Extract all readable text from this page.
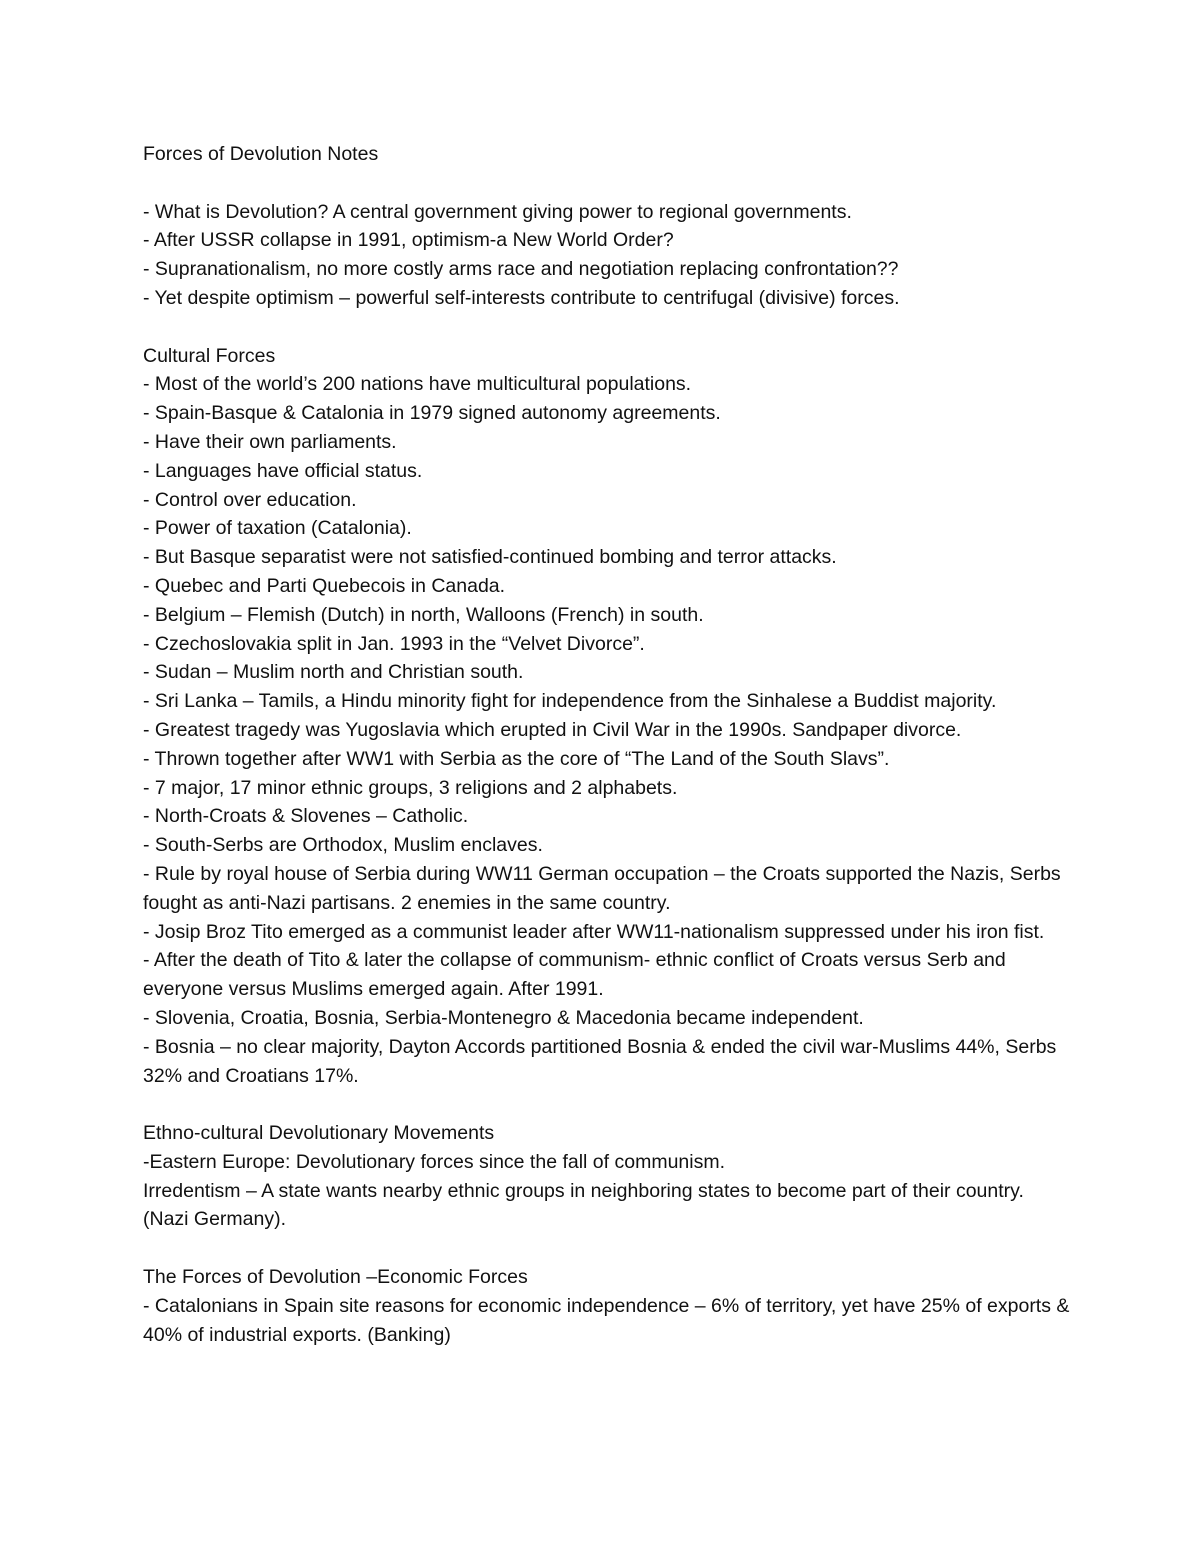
Forces of Devolution Notes

- What is Devolution? A central government giving power to regional governments.

- After USSR collapse in 1991, optimism-a New World Order?

- Supranationalism, no more costly arms race and negotiation replacing confrontation??

- Yet despite optimism – powerful self-interests contribute to centrifugal (divisive) forces.

Cultural Forces

- Most of the world’s 200 nations have multicultural populations.

- Spain-Basque & Catalonia in 1979 signed autonomy agreements.

- Have their own parliaments.

- Languages have official status.

- Control over education.

- Power of taxation (Catalonia).

- But Basque separatist were not satisfied-continued bombing and terror attacks.

- Quebec and Parti Quebecois in Canada.

- Belgium – Flemish (Dutch) in north, Walloons (French) in south.

- Czechoslovakia split in Jan. 1993 in the “Velvet Divorce”.

- Sudan – Muslim north and Christian south.

- Sri Lanka – Tamils, a Hindu minority fight for independence from the Sinhalese a Buddist majority.

- Greatest tragedy was Yugoslavia which erupted in Civil War in the 1990s. Sandpaper divorce.

- Thrown together after WW1 with Serbia as the core of “The Land of the South Slavs”.

- 7 major, 17 minor ethnic groups, 3 religions and 2 alphabets.

- North-Croats & Slovenes – Catholic.

- South-Serbs are Orthodox, Muslim enclaves.

- Rule by royal house of Serbia during WW11 German occupation – the Croats supported the Nazis, Serbs fought as anti-Nazi partisans. 2 enemies in the same country.

- Josip Broz Tito emerged as a communist leader after WW11-nationalism suppressed under his iron fist.

- After the death of Tito & later the collapse of communism- ethnic conflict of Croats versus Serb and everyone versus Muslims emerged again. After 1991.

- Slovenia, Croatia, Bosnia, Serbia-Montenegro & Macedonia became independent.

- Bosnia – no clear majority, Dayton Accords partitioned Bosnia & ended the civil war-Muslims 44%, Serbs 32% and Croatians 17%.

Ethno-cultural Devolutionary Movements

-Eastern Europe: Devolutionary forces since the fall of communism.

Irredentism – A state wants nearby ethnic groups in neighboring states to become part of their country. (Nazi Germany).

The Forces of Devolution –Economic Forces

- Catalonians in Spain site reasons for economic independence – 6% of territory, yet have 25% of exports & 40% of industrial exports. (Banking)
